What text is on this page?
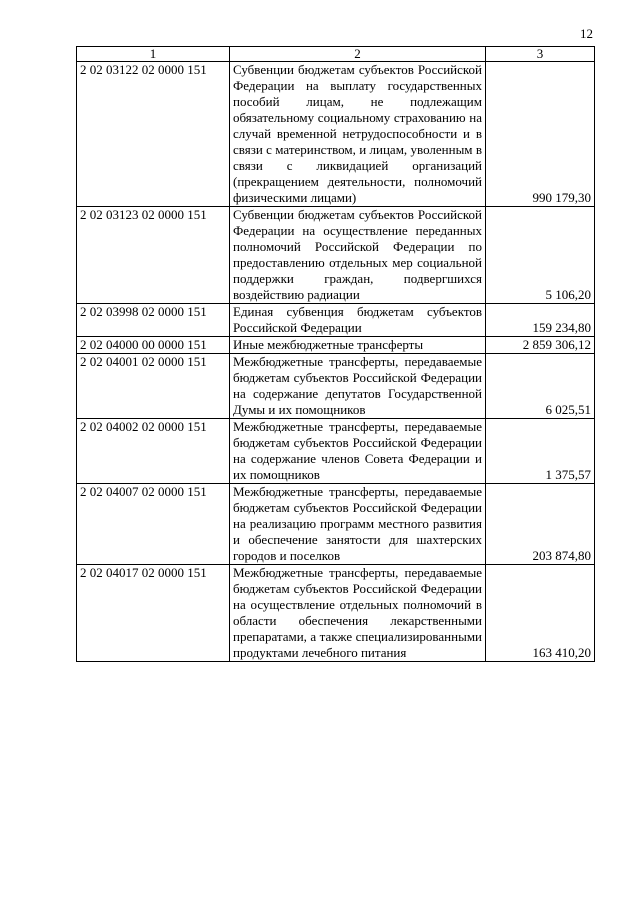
12
1	2	3
2 02 03122 02 0000 151	Субвенции бюджетам субъектов Российской Федерации на выплату государственных пособий лицам, не подлежащим обязательному социальному страхованию на случай временной нетрудоспособности и в связи с материнством, и лицам, уволенным в связи с ликвидацией организаций (прекращением деятельности, полномочий физическими лицами)	990 179,30
2 02 03123 02 0000 151	Субвенции бюджетам субъектов Российской Федерации на осуществление переданных полномочий Российской Федерации по предоставлению отдельных мер социальной поддержки граждан, подвергшихся воздействию радиации	5 106,20
2 02 03998 02 0000 151	Единая субвенция бюджетам субъектов Российской Федерации	159 234,80
2 02 04000 00 0000 151	Иные межбюджетные трансферты	2 859 306,12
2 02 04001 02 0000 151	Межбюджетные трансферты, передаваемые бюджетам субъектов Российской Федерации на содержание депутатов Государственной Думы и их помощников	6 025,51
2 02 04002 02 0000 151	Межбюджетные трансферты, передаваемые бюджетам субъектов Российской Федерации на содержание членов Совета Федерации и их помощников	1 375,57
2 02 04007 02 0000 151	Межбюджетные трансферты, передаваемые бюджетам субъектов Российской Федерации на реализацию программ местного развития и обеспечение занятости для шахтерских городов и поселков	203 874,80
2 02 04017 02 0000 151	Межбюджетные трансферты, передаваемые бюджетам субъектов Российской Федерации на осуществление отдельных полномочий в области обеспечения лекарственными препаратами, а также специализированными продуктами лечебного питания	163 410,20
